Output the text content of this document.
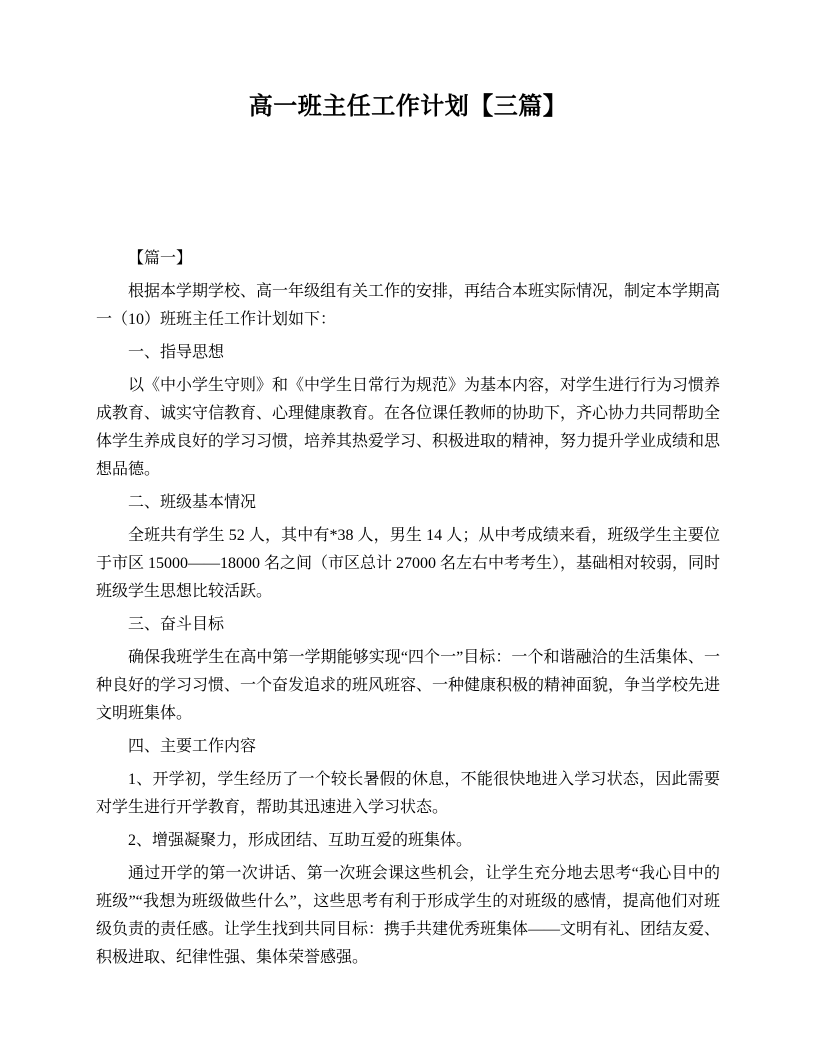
高一班主任工作计划【三篇】

【篇一】

根据本学期学校、高一年级组有关工作的安排，再结合本班实际情况，制定本学期高一（10）班班主任工作计划如下：

一、指导思想

以《中小学生守则》和《中学生日常行为规范》为基本内容，对学生进行行为习惯养成教育、诚实守信教育、心理健康教育。在各位课任教师的协助下，齐心协力共同帮助全体学生养成良好的学习习惯，培养其热爱学习、积极进取的精神，努力提升学业成绩和思想品德。

二、班级基本情况

全班共有学生 52 人，其中有*38 人，男生 14 人；从中考成绩来看，班级学生主要位于市区 15000——18000 名之间（市区总计 27000 名左右中考考生），基础相对较弱，同时班级学生思想比较活跃。

三、奋斗目标

确保我班学生在高中第一学期能够实现“四个一”目标：一个和谐融洽的生活集体、一种良好的学习习惯、一个奋发追求的班风班容、一种健康积极的精神面貌，争当学校先进文明班集体。

四、主要工作内容

1、开学初，学生经历了一个较长暑假的休息，不能很快地进入学习状态，因此需要对学生进行开学教育，帮助其迅速进入学习状态。

2、增强凝聚力，形成团结、互助互爱的班集体。

通过开学的第一次讲话、第一次班会课这些机会，让学生充分地去思考“我心目中的班级”“我想为班级做些什么”，这些思考有利于形成学生的对班级的感情，提高他们对班级负责的责任感。让学生找到共同目标：携手共建优秀班集体——文明有礼、团结友爱、积极进取、纪律性强、集体荣誉感强。
